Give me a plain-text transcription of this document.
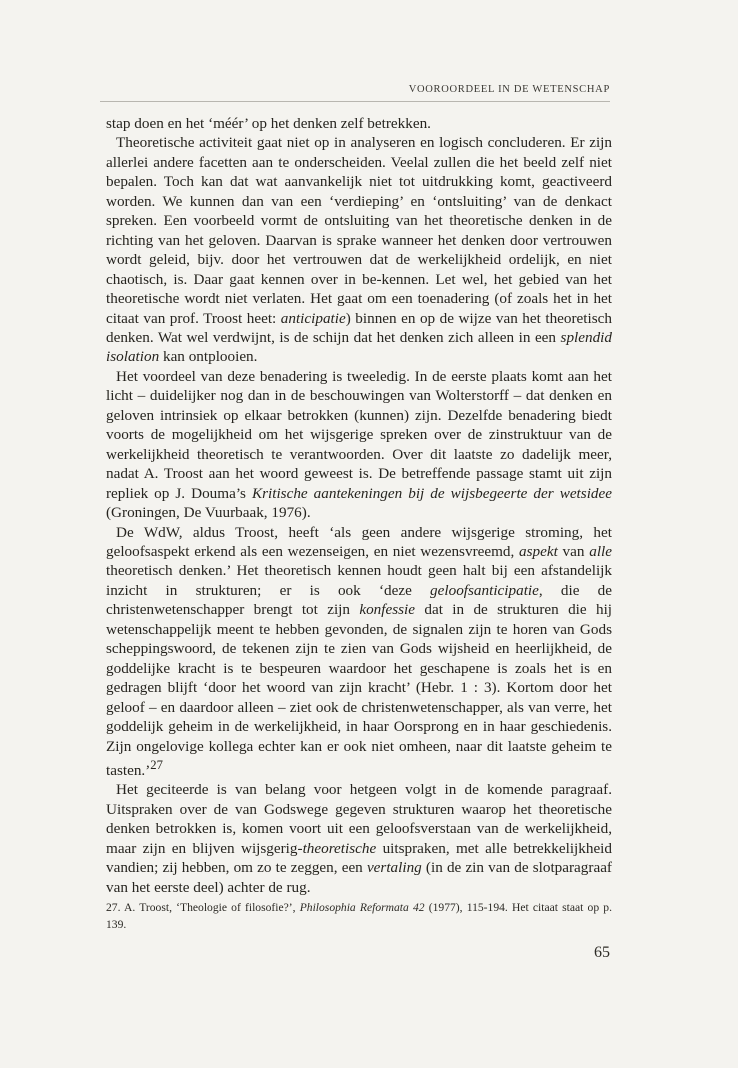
VOOROORDEEL IN DE WETENSCHAP

stap doen en het ‘méér’ op het denken zelf betrekken.

Theoretische activiteit gaat niet op in analyseren en logisch concluderen. Er zijn allerlei andere facetten aan te onderscheiden. Veelal zullen die het beeld zelf niet bepalen. Toch kan dat wat aanvankelijk niet tot uitdrukking komt, geactiveerd worden. We kunnen dan van een ‘verdieping’ en ‘ontsluiting’ van de denkact spreken. Een voorbeeld vormt de ontsluiting van het theoretische denken in de richting van het geloven. Daarvan is sprake wanneer het denken door vertrouwen wordt geleid, bijv. door het vertrouwen dat de werkelijkheid ordelijk, en niet chaotisch, is. Daar gaat kennen over in be-kennen. Let wel, het gebied van het theoretische wordt niet verlaten. Het gaat om een toenadering (of zoals het in het citaat van prof. Troost heet: anticipatie) binnen en op de wijze van het theoretisch denken. Wat wel verdwijnt, is de schijn dat het denken zich alleen in een splendid isolation kan ontplooien.

Het voordeel van deze benadering is tweeledig. In de eerste plaats komt aan het licht – duidelijker nog dan in de beschouwingen van Wolterstorff – dat denken en geloven intrinsiek op elkaar betrokken (kunnen) zijn. Dezelfde benadering biedt voorts de mogelijkheid om het wijsgerige spreken over de zinstruktuur van de werkelijkheid theoretisch te verantwoorden. Over dit laatste zo dadelijk meer, nadat A. Troost aan het woord geweest is. De betreffende passage stamt uit zijn repliek op J. Douma’s Kritische aantekeningen bij de wijsbegeerte der wetsidee (Groningen, De Vuurbaak, 1976).

De WdW, aldus Troost, heeft ‘als geen andere wijsgerige stroming, het geloofsaspekt erkend als een wezenseigen, en niet wezensvreemd, aspekt van alle theoretisch denken.’ Het theoretisch kennen houdt geen halt bij een afstandelijk inzicht in strukturen; er is ook ‘deze geloofsanticipatie, die de christenwetenschapper brengt tot zijn konfessie dat in de strukturen die hij wetenschappelijk meent te hebben gevonden, de signalen zijn te horen van Gods scheppingswoord, de tekenen zijn te zien van Gods wijsheid en heerlijkheid, de goddelijke kracht is te bespeuren waardoor het geschapene is zoals het is en gedragen blijft ‘door het woord van zijn kracht’ (Hebr. 1 : 3). Kortom door het geloof – en daardoor alleen – ziet ook de christenwetenschapper, als van verre, het goddelijk geheim in de werkelijkheid, in haar Oorsprong en in haar geschiedenis. Zijn ongelovige kollega echter kan er ook niet omheen, naar dit laatste geheim te tasten.’$^{27}$

Het geciteerde is van belang voor hetgeen volgt in de komende paragraaf. Uitspraken over de van Godswege gegeven strukturen waarop het theoretische denken betrokken is, komen voort uit een geloofsverstaan van de werkelijkheid, maar zijn en blijven wijsgerig-theoretische uitspraken, met alle betrekkelijkheid vandien; zij hebben, om zo te zeggen, een vertaling (in de zin van de slotparagraaf van het eerste deel) achter de rug.

27. A. Troost, ‘Theologie of filosofie?’, Philosophia Reformata 42 (1977), 115-194. Het citaat staat op p. 139.

65
